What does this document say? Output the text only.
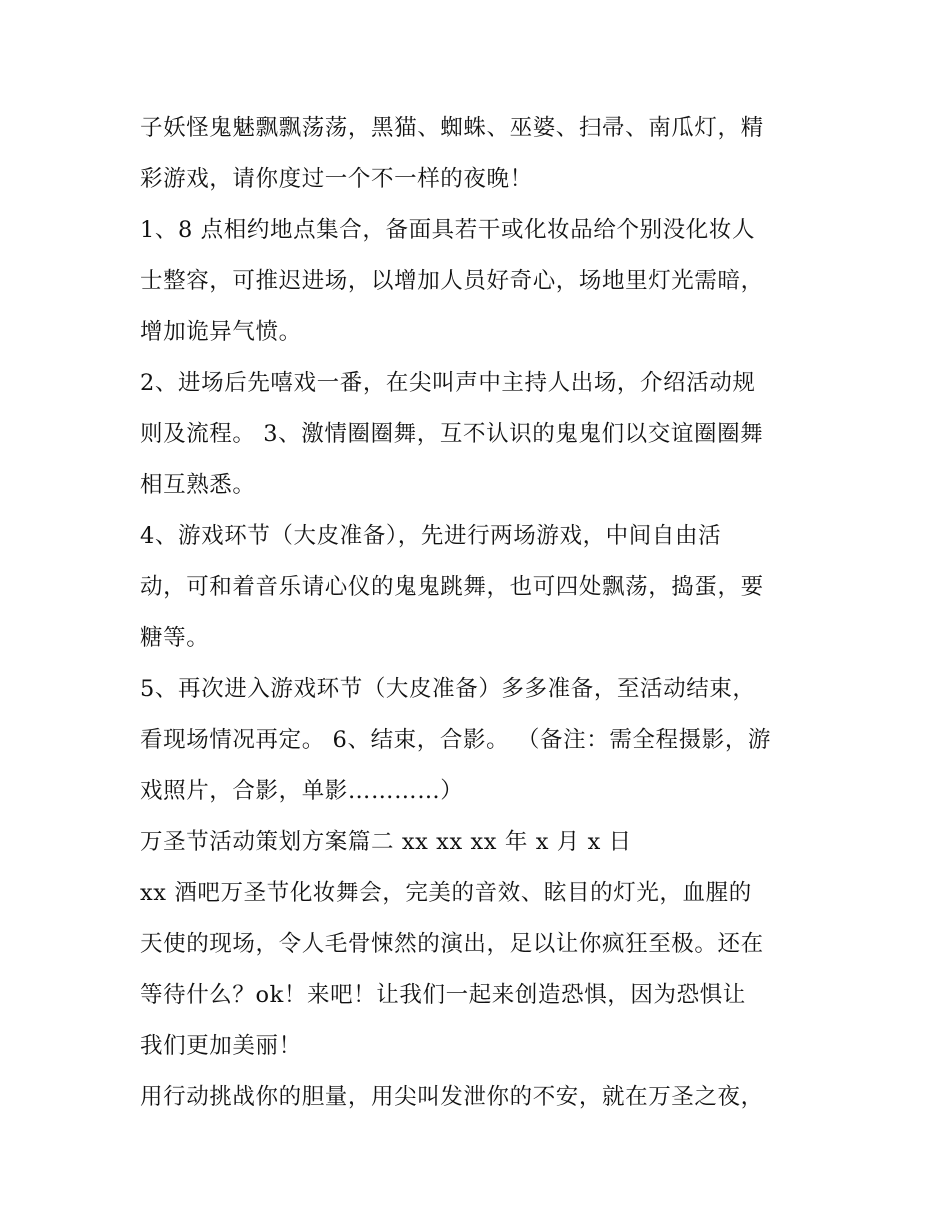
子妖怪鬼魅飘飘荡荡，黑猫、蜘蛛、巫婆、扫帚、南瓜灯，精
彩游戏，请你度过一个不一样的夜晚！
1、8 点相约地点集合，备面具若干或化妆品给个别没化妆人
士整容，可推迟进场，以增加人员好奇心，场地里灯光需暗，
增加诡异气愤。
2、进场后先嘻戏一番，在尖叫声中主持人出场，介绍活动规
则及流程。 3、激情圈圈舞，互不认识的鬼鬼们以交谊圈圈舞
相互熟悉。
4、游戏环节（大皮准备），先进行两场游戏，中间自由活
动，可和着音乐请心仪的鬼鬼跳舞，也可四处飘荡，捣蛋，要
糖等。
5、再次进入游戏环节（大皮准备）多多准备，至活动结束，
看现场情况再定。 6、结束，合影。 （备注：需全程摄影，游
戏照片，合影，单影…………）
万圣节活动策划方案篇二 xx xx xx 年 x 月 x 日
xx 酒吧万圣节化妆舞会，完美的音效、眩目的灯光，血腥的
天使的现场，令人毛骨悚然的演出，足以让你疯狂至极。还在
等待什么？ok！来吧！让我们一起来创造恐惧，因为恐惧让
我们更加美丽！
用行动挑战你的胆量，用尖叫发泄你的不安，就在万圣之夜，
